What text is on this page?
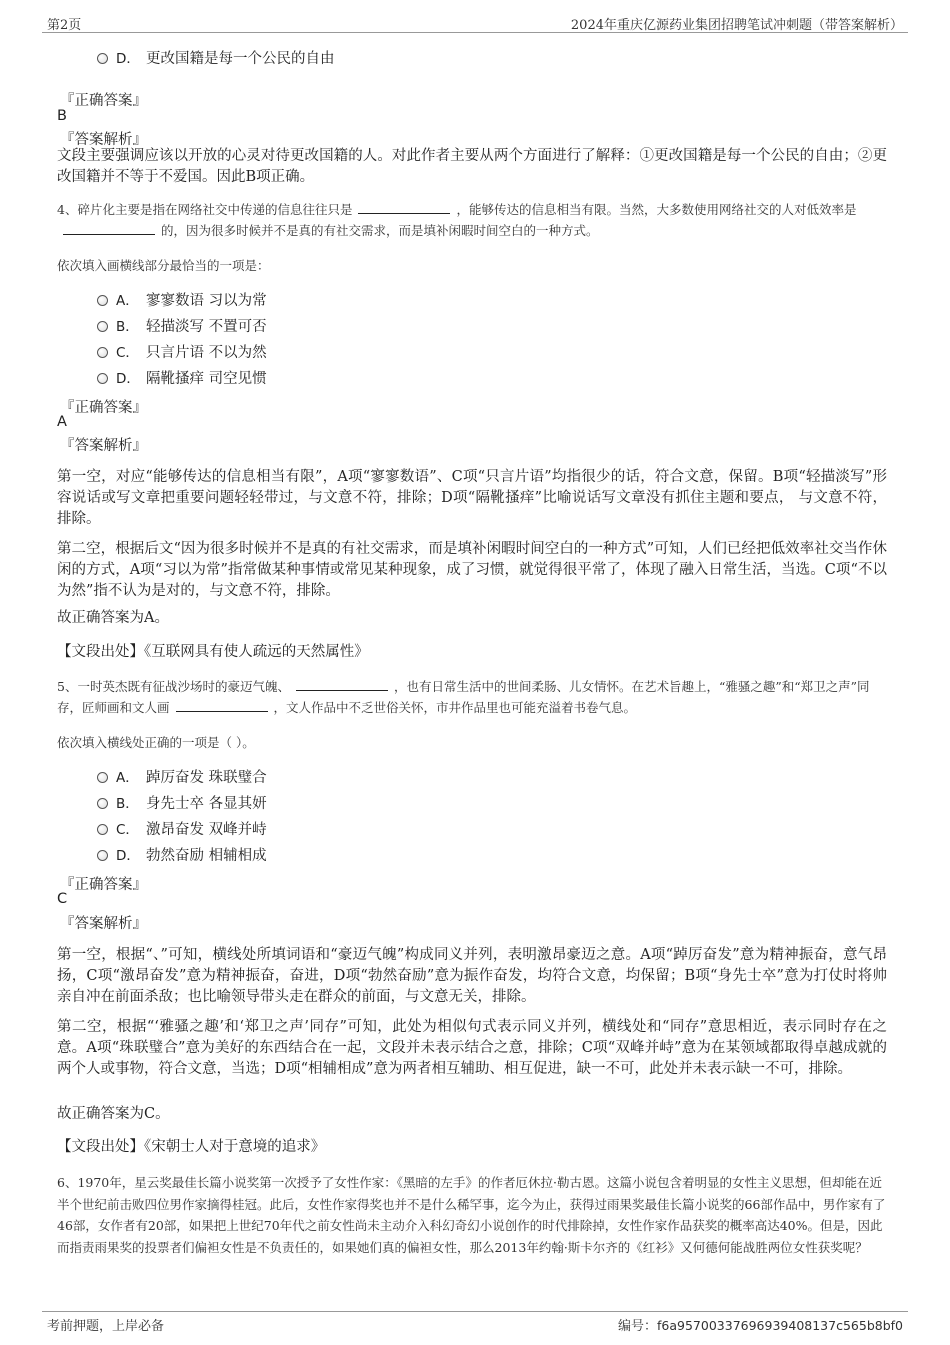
第2页	2024年重庆亿源药业集团招聘笔试冲刺题（带答案解析）
D． 更改国籍是每一个公民的自由
『正确答案』
B
『答案解析』
文段主要强调应该以开放的心灵对待更改国籍的人。对此作者主要从两个方面进行了解释：①更改国籍是每一个公民的自由；②更改国籍并不等于不爱国。因此B项正确。
4、碎片化主要是指在网络社交中传递的信息往往只是	，能够传达的信息相当有限。当然，大多数使用网络社交的人对低效率是的，因为很多时候并不是真的有社交需求，而是填补闲暇时间空白的一种方式。
依次填入画横线部分最恰当的一项是：
A． 寥寥数语 习以为常
B． 轻描淡写 不置可否
C． 只言片语 不以为然
D． 隔靴搔痒 司空见惯
『正确答案』
A
『答案解析』
第一空，对应“能够传达的信息相当有限”，A项“寥寥数语”、C项“只言片语”均指很少的话，符合文意，保留。B项“轻描淡写”形容说话或写文章把重要问题轻轻带过，与文意不符，排除；D项“隔靴搔痒”比喻说话写文章没有抓住主题和要点， 与文意不符， 排除。
第二空，根据后文“因为很多时候并不是真的有社交需求，而是填补闲暇时间空白的一种方式”可知，人们已经把低效率社交当作休闲的方式，A项“习以为常”指常做某种事情或常见某种现象，成了习惯，就觉得很平常了，体现了融入日常生活，当选。C项“不以为然”指不认为是对的，与文意不符，排除。
故正确答案为A。
【文段出处】《互联网具有使人疏远的天然属性》
5、一时英杰既有征战沙场时的豪迈气魄、	，也有日常生活中的世间柔肠、儿女情怀。在艺术旨趣上，“雅骚之趣”和“郑卫之声”同存，匠师画和文人画	，文人作品中不乏世俗关怀，市井作品里也可能充溢着书卷气息。
依次填入横线处正确的一项是（ ）。
A． 踔厉奋发 珠联璧合
B． 身先士卒 各显其妍
C． 激昂奋发 双峰并峙
D． 勃然奋励 相辅相成
『正确答案』
C
『答案解析』
第一空，根据“、”可知，横线处所填词语和“豪迈气魄”构成同义并列，表明激昂豪迈之意。A项“踔厉奋发”意为精神振奋，意气昂扬，C项“激昂奋发”意为精神振奋，奋进，D项“勃然奋励”意为振作奋发，均符合文意，均保留；B项“身先士卒”意为打仗时将帅亲自冲在前面杀敌；也比喻领导带头走在群众的前面，与文意无关，排除。
第二空，根据“‘雅骚之趣’和‘郑卫之声’同存”可知，此处为相似句式表示同义并列，横线处和“同存”意思相近，表示同时存在之意。A项“珠联璧合”意为美好的东西结合在一起，文段并未表示结合之意，排除；C项“双峰并峙”意为在某领域都取得卓越成就的两个人或事物，符合文意，当选；D项“相辅相成”意为两者相互辅助、相互促进，缺一不可，此处并未表示缺一不可，排除。
故正确答案为C。
【文段出处】《宋朝士人对于意境的追求》
6、1970年，星云奖最佳长篇小说奖第一次授予了女性作家：《黑暗的左手》的作者厄休拉·勒古恩。这篇小说包含着明显的女性主义思想，但却能在近半个世纪前击败四位男作家摘得桂冠。此后，女性作家得奖也并不是什么稀罕事，迄今为止，获得过雨果奖最佳长篇小说奖的66部作品中，男作家有了46部，女作者有20部，如果把上世纪70年代之前女性尚未主动介入科幻奇幻小说创作的时代排除掉，女性作家作品获奖的概率高达40%。但是，因此而指责雨果奖的投票者们偏袒女性是不负责任的，如果她们真的偏袒女性，那么2013年约翰·斯卡尔齐的《红衫》又何德何能战胜两位女性获奖呢？
考前押题，上岸必备	编号：f6a957003376969394081​37c565b8bf0
